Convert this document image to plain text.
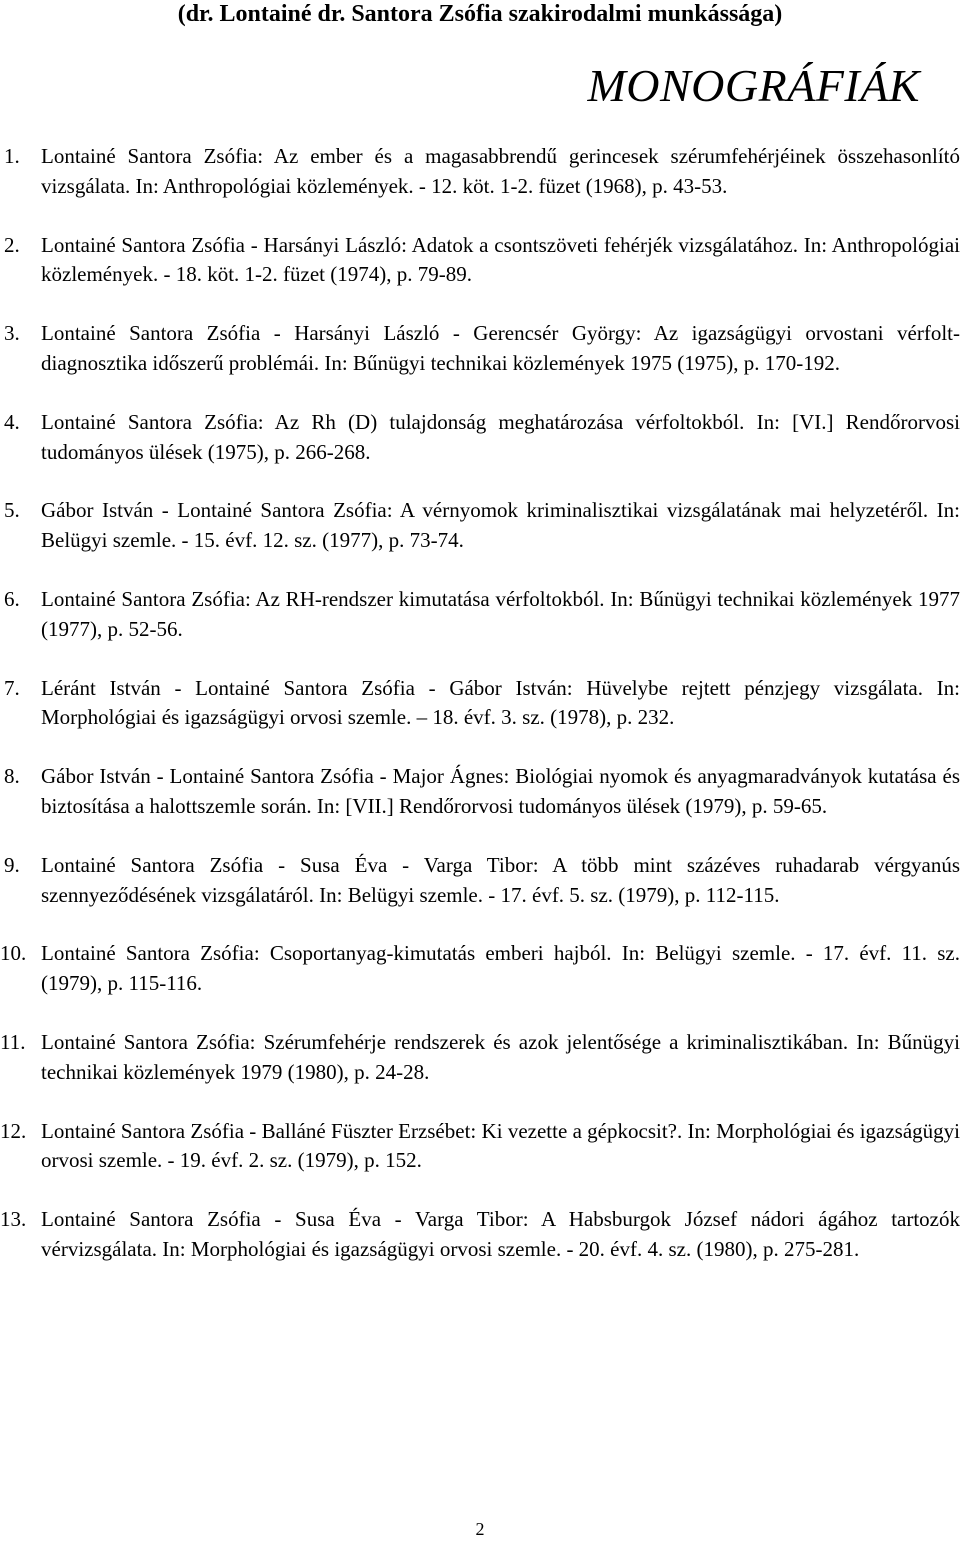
(dr. Lontainé dr. Santora Zsófia szakirodalmi munkássága)
MONOGRÁFIÁK
1. Lontainé Santora Zsófia: Az ember és a magasabbrendű gerincesek szérumfehérjéinek összehasonlító vizsgálata. In: Anthropológiai közlemények. - 12. köt. 1-2. füzet (1968), p. 43-53.
2. Lontainé Santora Zsófia - Harsányi László: Adatok a csontszöveti fehérjék vizsgálatához. In: Anthropológiai közlemények. - 18. köt. 1-2. füzet (1974), p. 79-89.
3. Lontainé Santora Zsófia - Harsányi László - Gerencsér György: Az igazságügyi orvostani vérfolt-diagnosztika időszerű problémái. In: Bűnügyi technikai közlemények 1975 (1975), p. 170-192.
4. Lontainé Santora Zsófia: Az Rh (D) tulajdonság meghatározása vérfoltokból. In: [VI.] Rendőrorvosi tudományos ülések (1975), p. 266-268.
5. Gábor István - Lontainé Santora Zsófia: A vérnyomok kriminalisztikai vizsgálatának mai helyzetéről. In: Belügyi szemle. - 15. évf. 12. sz. (1977), p. 73-74.
6. Lontainé Santora Zsófia: Az RH-rendszer kimutatása vérfoltokból. In: Bűnügyi technikai közlemények 1977 (1977), p. 52-56.
7. Léránt István - Lontainé Santora Zsófia - Gábor István: Hüvelybe rejtett pénzjegy vizsgálata. In: Morphológiai és igazságügyi orvosi szemle. – 18. évf. 3. sz. (1978), p. 232.
8. Gábor István - Lontainé Santora Zsófia - Major Ágnes: Biológiai nyomok és anyagmaradványok kutatása és biztosítása a halottszemle során. In: [VII.] Rendőrorvosi tudományos ülések (1979), p. 59-65.
9. Lontainé Santora Zsófia - Susa Éva - Varga Tibor: A több mint százéves ruhadarab vérgyanús szennyeződésének vizsgálatáról. In: Belügyi szemle. - 17. évf. 5. sz. (1979), p. 112-115.
10. Lontainé Santora Zsófia: Csoportanyag-kimutatás emberi hajból. In: Belügyi szemle. - 17. évf. 11. sz. (1979), p. 115-116.
11. Lontainé Santora Zsófia: Szérumfehérje rendszerek és azok jelentősége a kriminalisztikában. In: Bűnügyi technikai közlemények 1979 (1980), p. 24-28.
12. Lontainé Santora Zsófia - Balláné Füszter Erzsébet: Ki vezette a gépkocsit?. In: Morphológiai és igazságügyi orvosi szemle. - 19. évf. 2. sz. (1979), p. 152.
13. Lontainé Santora Zsófia - Susa Éva - Varga Tibor: A Habsburgok József nádori ágához tartozók vérvizsgálata. In: Morphológiai és igazságügyi orvosi szemle. - 20. évf. 4. sz. (1980), p. 275-281.
2
